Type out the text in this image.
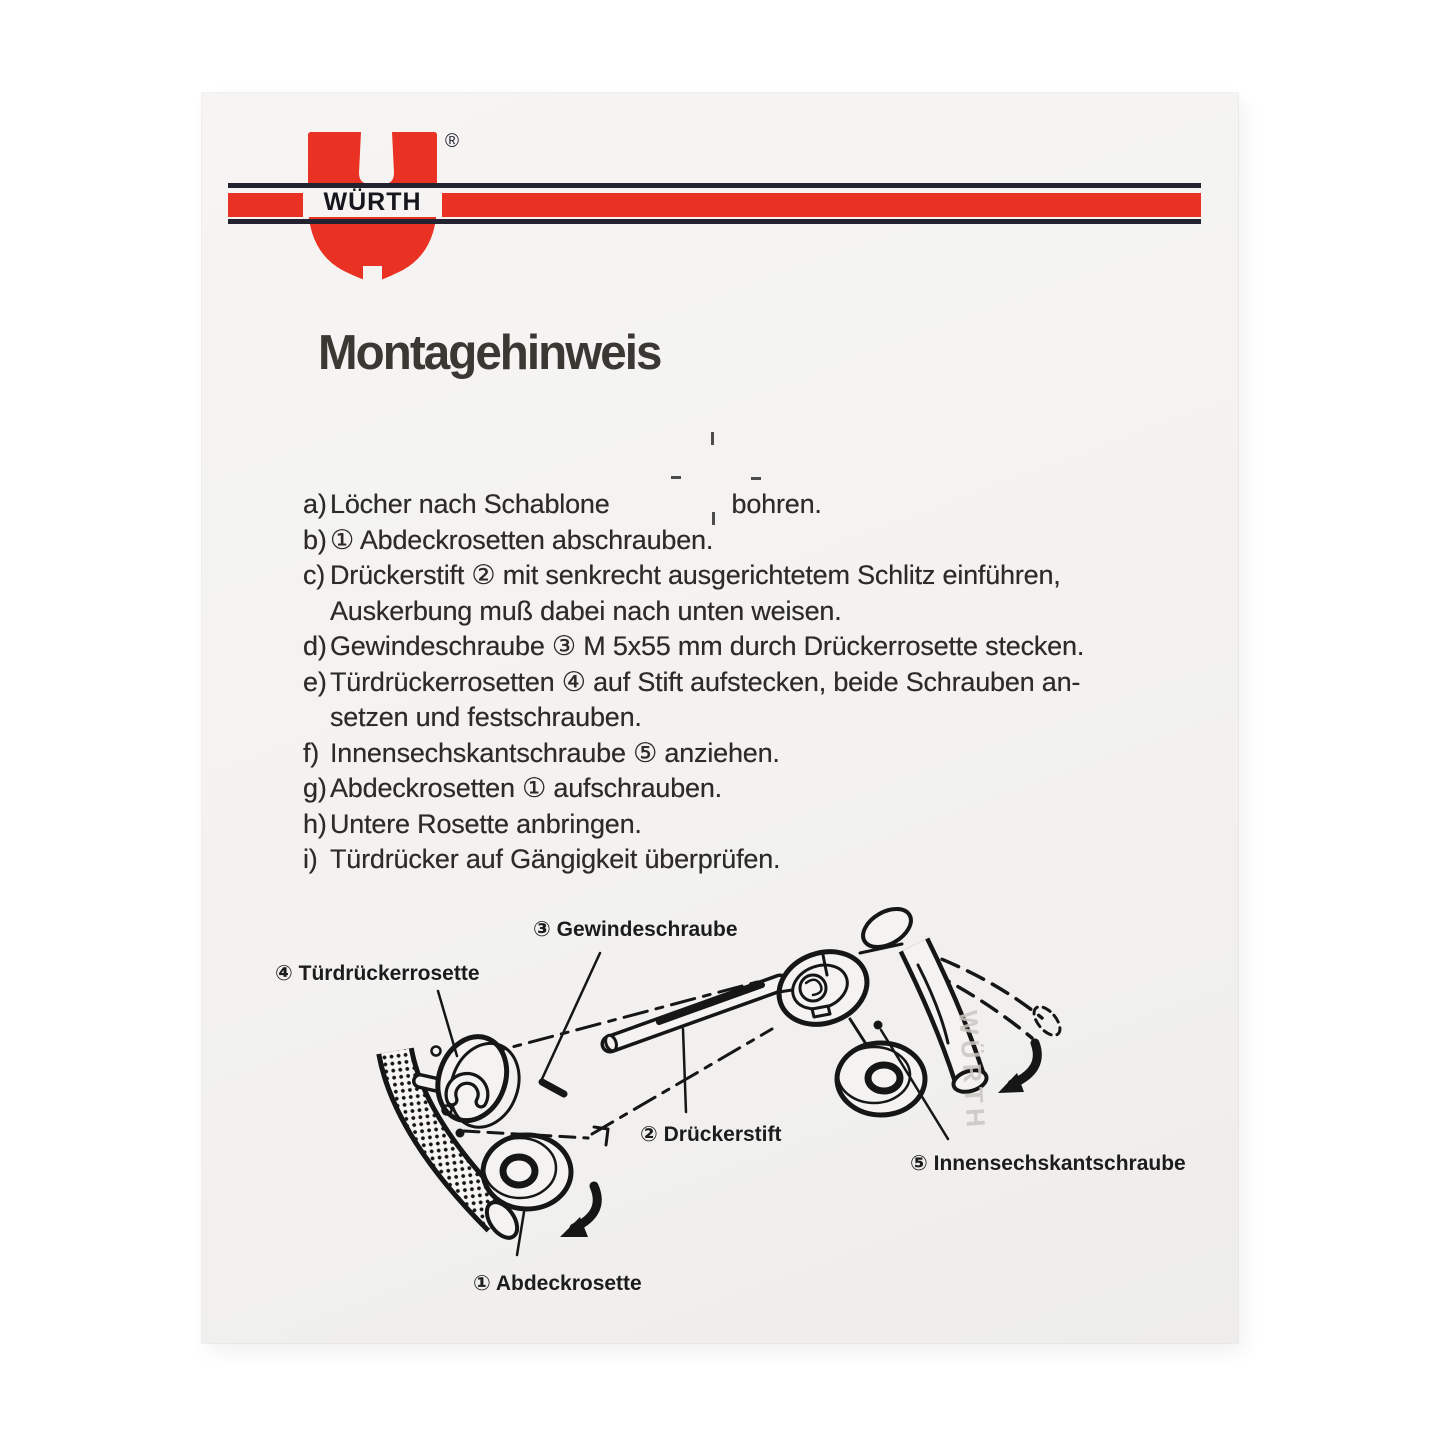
WÜRTH
®
Montagehinweis
a) Löcher nach Schablone	bohren.
b) ① Abdeckrosetten abschrauben.
c) Drückerstift ② mit senkrecht ausgerichtetem Schlitz einführen,
Auskerbung muß dabei nach unten weisen.
d) Gewindeschraube ③ M 5x55 mm durch Drückerrosette stecken.
e) Türdrückerrosetten ④ auf Stift aufstecken, beide Schrauben an-
setzen und festschrauben.
f) Innensechskantschraube ⑤ anziehen.
g) Abdeckrosetten ① aufschrauben.
h) Untere Rosette anbringen.
i) Türdrücker auf Gängigkeit überprüfen.
WÜRTH
③ Gewindeschraube
④ Türdrückerrosette
② Drückerstift
⑤ Innensechskantschraube
① Abdeckrosette
